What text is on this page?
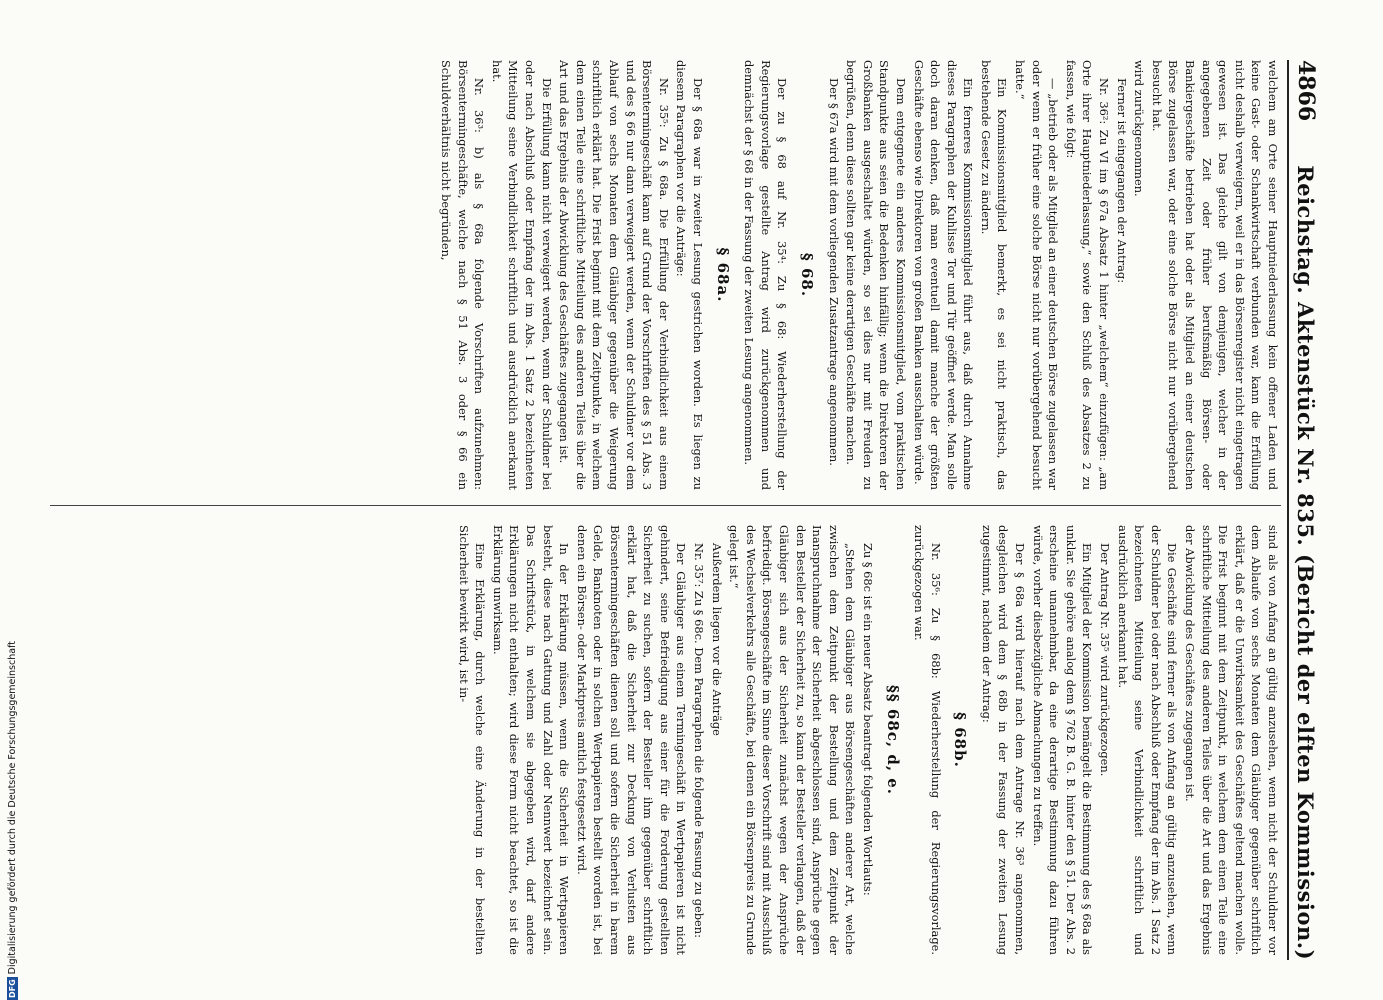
4866
Reichstag. Aktenstück Nr. 835. (Bericht der elften Kommission.)

welchem am Orte seiner Hauptniederlassung kein offener Laden und keine Gast- oder Schankwirtschaft verbunden war, kann die Erfüllung nicht deshalb verweigern, weil er in das Börsenregister nicht eingetragen gewesen ist. Das gleiche gilt von demjenigen, welcher in der angegebenen Zeit oder früher berufsmäßig Börsen- oder Bankiergeschäfte betrieben hat oder als Mitglied an einer deutschen Börse zugelassen war, oder eine solche Börse nicht nur vorübergehend besucht hat.

wird zurückgenommen.

Ferner ist eingegangen der Antrag:

Nr. 36²: Zu VI im § 67a Absatz 1 hinter „welchem“ einzufügen: „am Orte ihrer Hauptniederlassung,“ sowie den Schluß des Absatzes 2 zu fassen, wie folgt:

— „betrieb oder als Mitglied an einer deutschen Börse zugelassen war oder wenn er früher eine solche Börse nicht nur vorübergehend besucht hatte.“

Ein Kommissionsmitglied bemerkt, es sei nicht praktisch, das bestehende Gesetz zu ändern.

Ein ferneres Kommissionsmitglied führt aus, daß durch Annahme dieses Paragraphen der Kuhlisse Tor und Tür geöffnet werde. Man solle doch daran denken, daß man eventuell damit manche der größten Geschäfte ebenso wie Direktoren von großen Banken ausschalten würde.

Dem entgegnete ein anderes Kommissionsmitglied, vom praktischen Standpunkte aus seien die Bedenken hinfällig; wenn die Direktoren der Großbanken ausgeschaltet würden, so sei dies nur mit Freuden zu begrüßen, denn diese sollten gar keine derartigen Geschäfte machen.

Der § 67a wird mit dem vorliegenden Zusatzantrage angenommen.

§ 68.

Der zu § 68 auf Nr. 35⁴: Zu § 68: Wiederherstellung der Regierungsvorlage gestellte Antrag wird zurückgenommen und demnächst der § 68 in der Fassung der zweiten Lesung angenommen.

§ 68a.

Der § 68a war in zweiter Lesung gestrichen worden. Es liegen zu diesem Paragraphen vor die Anträge:

Nr. 35⁵: Zu § 68a. Die Erfüllung der Verbindlichkeit aus einem Börsentermingeschäft kann auf Grund der Vorschriften des § 51 Abs. 3 und des § 66 nur dann verweigert werden, wenn der Schuldner vor dem Ablauf von sechs Monaten dem Gläubiger gegenüber die Weigerung schriftlich erklärt hat. Die Frist beginnt mit dem Zeitpunkte, in welchem dem einen Teile eine schriftliche Mitteilung des anderen Teiles über die Art und das Ergebnis der Abwicklung des Geschäftes zugegangen ist.

Die Erfüllung kann nicht verweigert werden, wenn der Schuldner bei oder nach Abschluß oder Empfang der im Abs. 1 Satz 2 bezeichneten Mitteilung seine Verbindlichkeit schriftlich und ausdrücklich anerkannt hat.

Nr. 36³: b) als § 68a folgende Vorschriften aufzunehmen: Börsentermingeschäfte, welche nach § 51 Abs. 3 oder § 66 ein Schuldverhältnis nicht begründen,

sind als von Anfang an gültig anzusehen, wenn nicht der Schuldner vor dem Ablaufe von sechs Monaten dem Gläubiger gegenüber schriftlich erklärt, daß er die Unwirksamkeit des Geschäftes geltend machen wolle. Die Frist beginnt mit dem Zeitpunkt, in welchem dem einen Teile eine schriftliche Mitteilung des anderen Teiles über die Art und das Ergebnis der Abwicklung des Geschäftes zugegangen ist.

Die Geschäfte sind ferner als von Anfang an gültig anzusehen, wenn der Schuldner bei oder nach Abschluß oder Empfang der im Abs. 1 Satz 2 bezeichneten Mitteilung seine Verbindlichkeit schriftlich und ausdrücklich anerkannt hat.

Der Antrag Nr. 35⁵ wird zurückgezogen.

Ein Mitglied der Kommission bemängelt die Bestimmung des § 68a als unklar. Sie gehöre analog dem § 762 B. G. B. hinter den § 51. Der Abs. 2 erscheine unannehmbar, da eine derartige Bestimmung dazu führen würde, vorher diesbezügliche Abmachungen zu treffen.

Der § 68a wird hierauf nach dem Antrage Nr. 36³ angenommen, desgleichen wird dem § 68b in der Fassung der zweiten Lesung zugestimmt, nachdem der Antrag:

§ 68b.

Nr. 35⁶: Zu § 68b: Wiederherstellung der Regierungsvorlage. zurückgezogen war.

§§ 68c, d, e.

Zu § 68c ist ein neuer Absatz beantragt folgenden Wortlauts:

„Stehen dem Gläubiger aus Börsengeschäften anderer Art, welche zwischen dem Zeitpunkt der Bestellung und dem Zeitpunkt der Inanspruchnahme der Sicherheit abgeschlossen sind, Ansprüche gegen den Besteller der Sicherheit zu, so kann der Besteller verlangen, daß der Gläubiger sich aus der Sicherheit zunächst wegen der Ansprüche befriedigt. Börsengeschäfte im Sinne dieser Vorschrift sind mit Ausschluß des Wechselverkehrs alle Geschäfte, bei denen ein Börsenpreis zu Grunde gelegt ist.“

Außerdem liegen vor die Anträge

Nr. 35⁷: Zu § 68c. Dem Paragraphen die folgende Fassung zu geben:

Der Gläubiger aus einem Termingeschäft in Wertpapieren ist nicht gehindert, seine Befriedigung aus einer für die Forderung gestellten Sicherheit zu suchen, sofern der Besteller ihm gegenüber schriftlich erklärt hat, daß die Sicherheit zur Deckung von Verlusten aus Börsentermingeschäften dienen soll und sofern die Sicherheit in barem Gelde, Banknoten oder in solchen Wertpapieren bestellt worden ist, bei denen ein Börsen- oder Marktpreis amtlich festgesetzt wird.

In der Erklärung müssen, wenn die Sicherheit in Wertpapieren besteht, diese nach Gattung und Zahl oder Nennwert bezeichnet sein. Das Schriftstück, in welchem sie abgegeben wird, darf andere Erklärungen nicht enthalten; wird diese Form nicht beachtet, so ist die Erklärung unwirksam.

Eine Erklärung, durch welche eine Änderung in der bestellten Sicherheit bewirkt wird, ist in-

DFG
Digitalisierung gefördert durch die Deutsche Forschungsgemeinschaft
